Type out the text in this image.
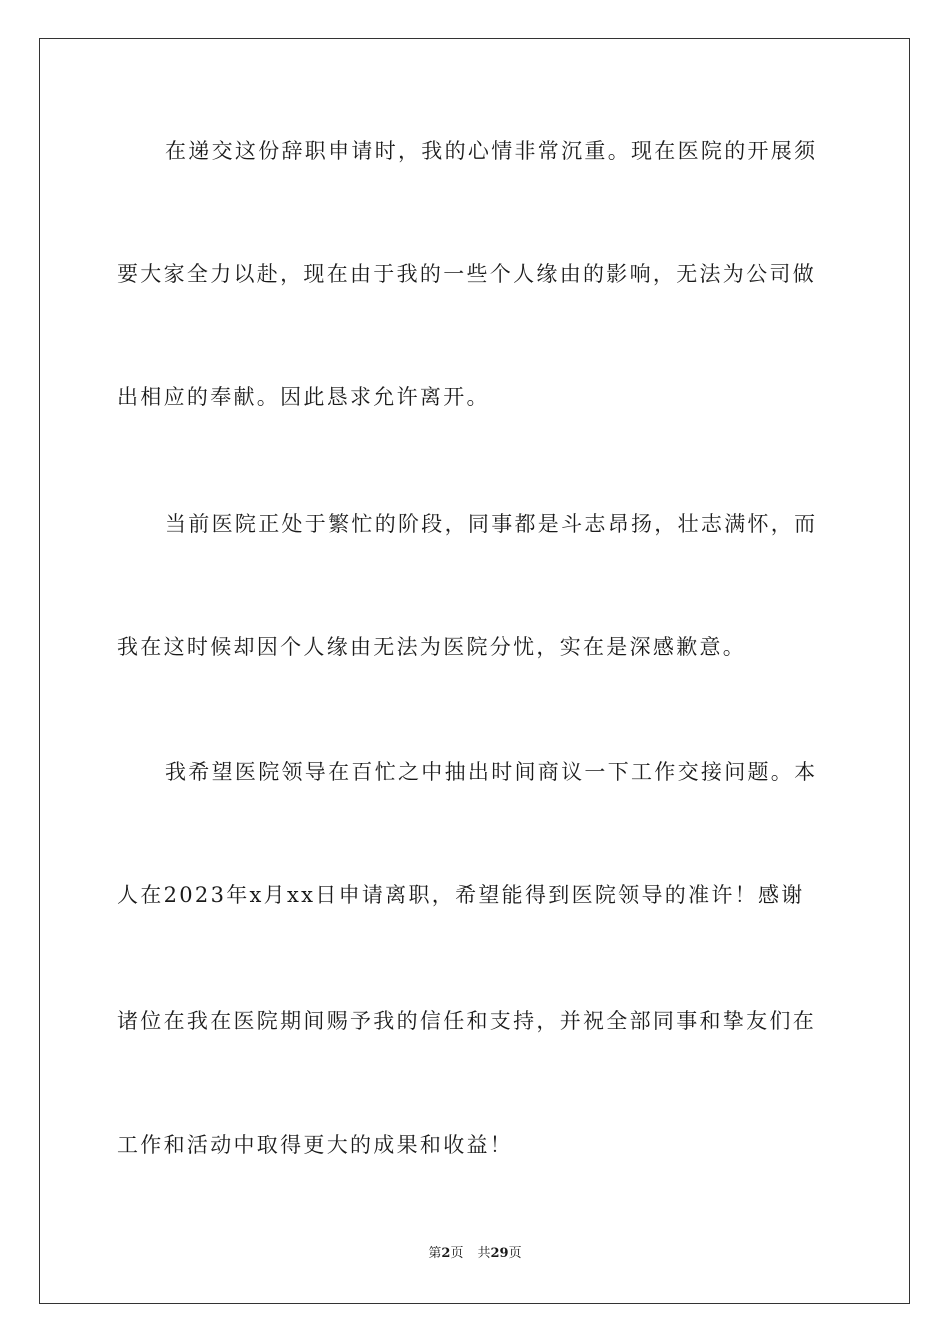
在递交这份辞职申请时，我的心情非常沉重。现在医院的开展须
要大家全力以赴，现在由于我的一些个人缘由的影响，无法为公司做
出相应的奉献。因此恳求允许离开。
当前医院正处于繁忙的阶段，同事都是斗志昂扬，壮志满怀，而
我在这时候却因个人缘由无法为医院分忧，实在是深感歉意。
我希望医院领导在百忙之中抽出时间商议一下工作交接问题。本
人在2023年x月xx日申请离职，希望能得到医院领导的准许！感谢
诸位在我在医院期间赐予我的信任和支持，并祝全部同事和挚友们在
工作和活动中取得更大的成果和收益！
第2页 共29页
